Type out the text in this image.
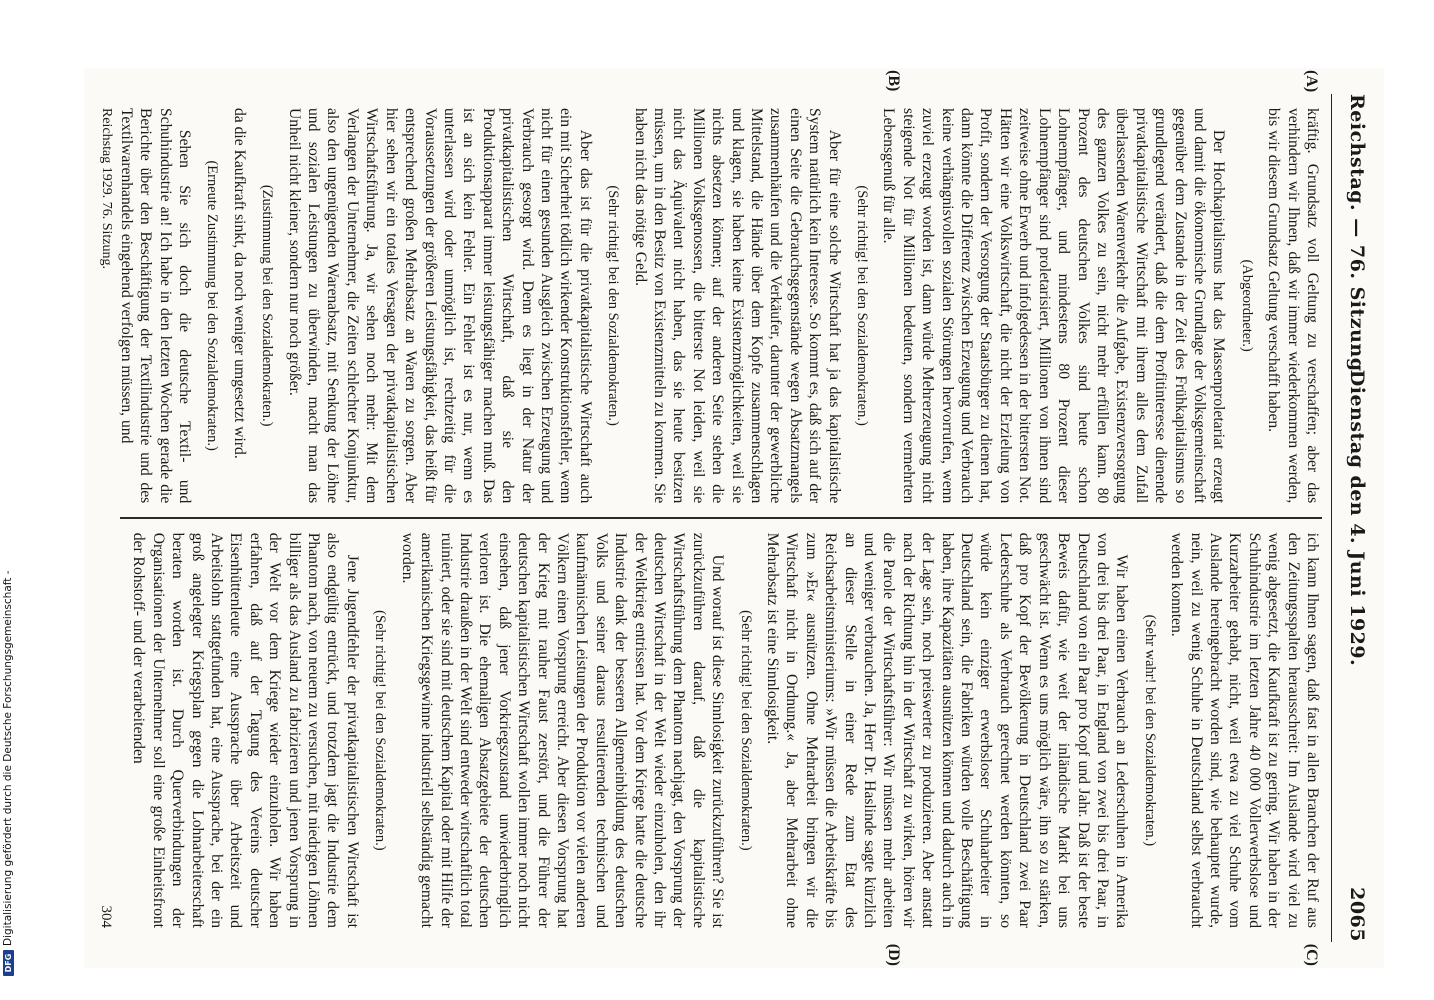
Reichstag. — 76. Sitzung.
Dienstag den 4. Juni 1929.
2065
(A)
(B)
(C)
(D)

kräftig. Grundsatz voll Geltung zu verschaffen; aber das verhindern wir Ihnen, daß wir immer wiederkommen werden, bis wir diesem Grundsatz Geltung verschafft haben.

(Abgeordneter.)

Der Hochkapitalismus hat das Massenproletariat erzeugt und damit die ökonomische Grundlage der Volksgemeinschaft gegenüber dem Zustande in der Zeit des Frühkapitalismus so grundlegend verändert, daß die dem Profitinteresse dienende privatkapitalistische Wirtschaft mit ihrem alles dem Zufall überlassenden Warenverkehr die Aufgabe, Existenzversorgung des ganzen Volkes zu sein, nicht mehr erfüllen kann. 80 Prozent des deutschen Volkes sind heute schon Lohnempfänger, und mindestens 80 Prozent dieser Lohnempfänger sind proletarisiert, Millionen von ihnen sind zeitweise ohne Erwerb und infolgedessen in der bittersten Not. Hätten wir eine Volkswirtschaft, die nicht der Erzielung von Profit, sondern der Versorgung der Staatsbürger zu dienen hat, dann könnte die Differenz zwischen Erzeugung und Verbrauch keine verhängnisvollen sozialen Störungen hervorrufen, wenn zuviel erzeugt worden ist, dann würde Mehrerzeugung nicht steigende Not für Millionen bedeuten, sondern vermehrten Lebensgenuß für alle.

(Sehr richtig! bei den Sozialdemokraten.)

Aber für eine solche Wirtschaft hat ja das kapitalistische System natürlich kein Interesse. So kommt es, daß sich auf der einen Seite die Gebrauchsgegenstände wegen Absatzmangels zusammenhäufen und die Verkäufer, darunter der gewerbliche Mittelstand, die Hände über dem Kopfe zusammenschlagen und klagen, sie haben keine Existenzmöglichkeiten, weil sie nichts absetzen können; auf der anderen Seite stehen die Millionen Volksgenossen, die bitterste Not leiden, weil sie nicht das Äquivalent nicht haben, das sie heute besitzen müssen, um in den Besitz von Existenzmitteln zu kommen. Sie haben nicht das nötige Geld.

(Sehr richtig! bei den Sozialdemokraten.)

Aber das ist für die privatkapitalistische Wirtschaft auch ein mit Sicherheit tödlich wirkender Konstruktionsfehler, wenn nicht für einen gesunden Ausgleich zwischen Erzeugung und Verbrauch gesorgt wird. Denn es liegt in der Natur der privatkapitalistischen Wirtschaft, daß sie den Produktionsapparat immer leistungsfähiger machen muß. Das ist an sich kein Fehler. Ein Fehler ist es nur, wenn es unterlassen wird oder unmöglich ist, rechtzeitig für die Voraussetzungen der größeren Leistungsfähigkeit, das heißt für entsprechend großen Mehrabsatz an Waren zu sorgen. Aber hier sehen wir ein totales Versagen der privatkapitalistischen Wirtschaftsführung. Ja, wir sehen noch mehr: Mit dem Verlangen der Unternehmer, die Zeiten schlechter Konjunktur, also den ungenügenden Warenabsatz, mit Senkung der Löhne und sozialen Leistungen zu überwinden, macht man das Unheil nicht kleiner, sondern nur noch größer.

(Zustimmung bei den Sozialdemokraten.)

da die Kaufkraft sinkt, da noch weniger umgesetzt wird.

(Erneute Zustimmung bei den Sozialdemokraten.)

Sehen Sie sich doch die deutsche Textil- und Schuhindustrie an! Ich habe in den letzten Wochen gerade die Berichte über den Beschäftigung der Textilindustrie und des Textilwarenhandels eingehend verfolgen müssen, und

ich kann Ihnen sagen, daß fast in allen Branchen der Ruf aus den Zeitungsspalten herausschreit: Im Auslande wird viel zu wenig abgesetzt, die Kaufkraft ist zu gering. Wir haben in der Schuhindustrie im letzten Jahre 40 000 Vollerwerbslose und Kurzarbeiter gehabt, nicht, weil etwa zu viel Schuhe vom Auslande hereingebracht worden sind, wie behauptet wurde, nein, weil zu wenig Schuhe in Deutschland selbst verbraucht werden konnten.

(Sehr wahr! bei den Sozialdemokraten.)

Wir haben einen Verbrauch an Lederschuhen in Amerika von drei bis drei Paar, in England von zwei bis drei Paar, in Deutschland von ein Paar pro Kopf und Jahr. Daß ist der beste Beweis dafür, wie weit der inländische Markt bei uns geschwächt ist. Wenn es uns möglich wäre, ihn so zu stärken, daß pro Kopf der Bevölkerung in Deutschland zwei Paar Lederschuhe als Verbrauch gerechnet werden könnten, so würde kein einziger erwerbsloser Schuharbeiter in Deutschland sein, die Fabriken würden volle Beschäftigung haben, ihre Kapazitäten ausnützen können und dadurch auch in der Lage sein, noch preiswerter zu produzieren. Aber anstatt nach der Richtung hin in der Wirtschaft zu wirken, hören wir die Parole der Wirtschaftsführer: Wir müssen mehr arbeiten und weniger verbrauchen. Ja, Herr Dr. Haslinde sagte kürzlich an dieser Stelle in einer Rede zum Etat des Reichsarbeitsministeriums: »Wir müssen die Arbeitskräfte bis zum »Er« ausnützen. Ohne Mehrarbeit bringen wir die Wirtschaft nicht in Ordnung.« Ja, aber Mehrarbeit ohne Mehrabsatz ist eine Sinnlosigkeit.

(Sehr richtig! bei den Sozialdemokraten.)

Und worauf ist diese Sinnlosigkeit zurückzuführen? Sie ist zurückzuführen darauf, daß die kapitalistische Wirtschaftsführung dem Phantom nachjagt, den Vorsprung der deutschen Wirtschaft in der Welt wieder einzuholen, den ihr der Weltkrieg entrissen hat. Vor dem Kriege hatte die deutsche Industrie dank der besseren Allgemeinbildung des deutschen Volks und seiner daraus resultierenden technischen und kaufmännischen Leistungen der Produktion vor vielen anderen Völkern einen Vorsprung erreicht. Aber diesen Vorsprung hat der Krieg mit rauher Faust zerstört, und die Führer der deutschen kapitalistischen Wirtschaft wollen immer noch nicht einsehen, daß jener Vorkriegszustand unwiederbringlich verloren ist. Die ehemaligen Absatzgebiete der deutschen Industrie draußen in der Welt sind entweder wirtschaftlich total ruiniert, oder sie sind mit deutschem Kapital oder mit Hilfe der amerikanischen Kriegsgewinne industriell selbständig gemacht worden.

(Sehr richtig! bei den Sozialdemokraten.)

Jene Jugendfehler der privatkapitalistischen Wirtschaft ist also endgültig entrückt, und trotzdem jagt die Industrie dem Phantom nach, von neuem zu versuchen, mit niedrigen Löhnen billiger als das Ausland zu fabrizieren und jenen Vorsprung in der Welt vor dem Kriege wieder einzuholen. Wir haben erfahren, daß auf der Tagung des Vereins deutscher Eisenhüttenleute eine Aussprache über Arbeitszeit und Arbeitslohn stattgefunden hat, eine Aussprache, bei der ein groß angelegter Kriegsplan gegen die Lohnarbeiterschaft beraten worden ist. Durch Querverbindungen der Organisationen der Unternehmer soll eine große Einheitsfront der Rohstoff- und der verarbeitenden

Reichstag 1929. 76. Sitzung.
304
DFG
Digitalisierung gefördert durch die Deutsche Forschungsgemeinschaft -
